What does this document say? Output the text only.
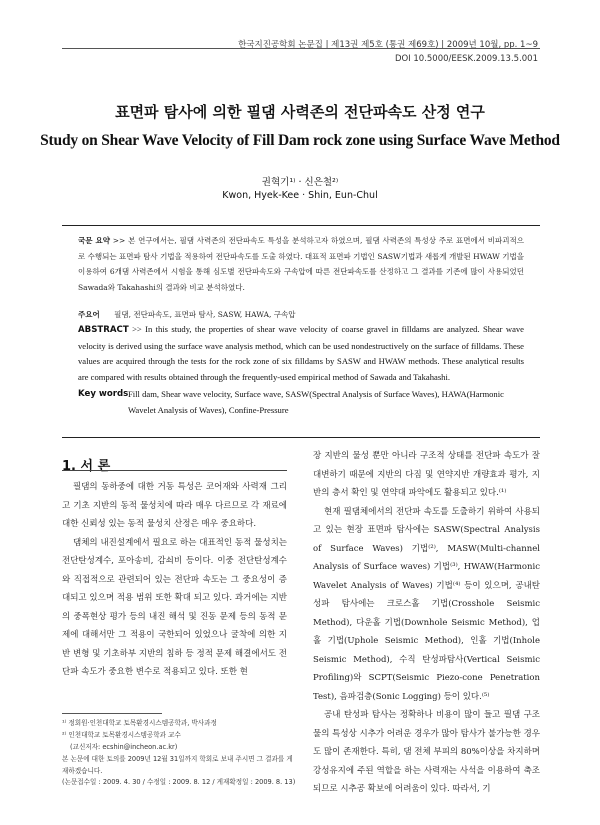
한국지진공학회 논문집 | 제13권 제5호 (통권 제69호) | 2009년 10월, pp. 1~9
DOI 10.5000/EESK.2009.13.5.001
표면파 탐사에 의한 필댐 사력존의 전단파속도 산정 연구
Study on Shear Wave Velocity of Fill Dam rock zone using Surface Wave Method
권혁기¹⁾ · 신은철²⁾
Kwon, Hyek-Kee · Shin, Eun-Chul
국문 요약 >> 본 연구에서는, 필댐 사력존의 전단파속도 특성을 분석하고자 하였으며, 필댐 사력존의 특성상 주로 표면에서 비파괴적으로 수행되는 표면파 탐사 기법을 적용하여 전단파속도를 도출 하였다. 대표적 표면파 기법인 SASW기법과 새롭게 개발된 HWAW 기법을 이용하여 6개댐 사력존에서 시험을 통해 심도별 전단파속도와 구속압에 따른 전단파속도를 산정하고 그 결과를 기존에 많이 사용되었던 Sawada와 Takahashi의 결과와 비교 분석하였다.
주요어 필댐, 전단파속도, 표면파 탐사, SASW, HAWA, 구속압
ABSTRACT >> In this study, the properties of shear wave velocity of coarse gravel in filldams are analyzed. Shear wave velocity is derived using the surface wave analysis method, which can be used nondestructively on the surface of filldams. These values are acquired through the tests for the rock zone of six filldams by SASW and HWAW methods. These analytical results are compared with results obtained through the frequently-used empirical method of Sawada and Takahashi.
Key words Fill dam, Shear wave velocity, Surface wave, SASW(Spectral Analysis of Surface Waves), HAWA(Harmonic Wavelet Analysis of Waves), Confine-Pressure
1. 서 론

필댐의 동하중에 대한 거동 특성은 코어재와 사력재 그리고 기초 지반의 동적 물성치에 따라 매우 다르므로 각 재료에 대한 신뢰성 있는 동적 물성치 산정은 매우 중요하다.

댐체의 내진설계에서 필요로 하는 대표적인 동적 물성치는 전단탄성계수, 포아송비, 감쇠비 등이다. 이중 전단탄성계수와 직접적으로 관련되어 있는 전단파 속도는 그 중요성이 증대되고 있으며 적용 범위 또한 확대 되고 있다. 과거에는 지반의 중폭현상 평가 등의 내진 해석 및 진동 문제 등의 동적 문제에 대해서만 그 적용이 국한되어 있었으나 굴착에 의한 지반 변형 및 기초하부 지반의 침하 등 정적 문제 해결에서도 전단파 속도가 중요한 변수로 적용되고 있다. 또한 현

장 지반의 물성 뿐만 아니라 구조적 상태를 전단파 속도가 잘 대변하기 때문에 지반의 다짐 및 연약지반 개량효과 평가, 지반의 층서 확인 및 연약대 파악에도 활용되고 있다.⁽¹⁾

현재 필댐체에서의 전단파 속도를 도출하기 위하여 사용되고 있는 현장 표면파 탐사에는 SASW(Spectral Analysis of Surface Waves) 기법⁽²⁾, MASW(Multi-channel Analysis of Surface waves) 기법⁽³⁾, HWAW(Harmonic Wavelet Analysis of Waves) 기법⁽⁴⁾ 등이 있으며, 공내탄성파 탐사에는 크로스홀 기법(Crosshole Seismic Method), 다운홀 기법(Downhole Seismic Method), 업홀 기법(Uphole Seismic Method), 인홀 기법(Inhole Seismic Method), 수직 탄성파탐사(Vertical Seismic Profiling)와 SCPT(Seismic Piezo-cone Penetration Test), 음파검층(Sonic Logging) 등이 있다.⁽⁵⁾

공내 탄성파 탐사는 정확하나 비용이 많이 들고 필댐 구조물의 특성상 시추가 어려운 경우가 많아 탐사가 불가능한 경우도 많이 존재한다. 특히, 댐 전체 부피의 80%이상을 차지하며 강성유지에 주된 역할을 하는 사력재는 사석을 이용하여 축조되므로 시추공 확보에 어려움이 있다. 따라서, 기

¹⁾ 정회원·인천대학교 토목환경시스템공학과, 박사과정
²⁾ 인천대학교 토목환경시스템공학과 교수
(교신저자: ecshin@incheon.ac.kr)
본 논문에 대한 토의를 2009년 12월 31일까지 학회로 보내 주시면 그 결과를 게재하겠습니다.
(논문접수일 : 2009. 4. 30 / 수정일 : 2009. 8. 12 / 게재확정일 : 2009. 8. 13)
